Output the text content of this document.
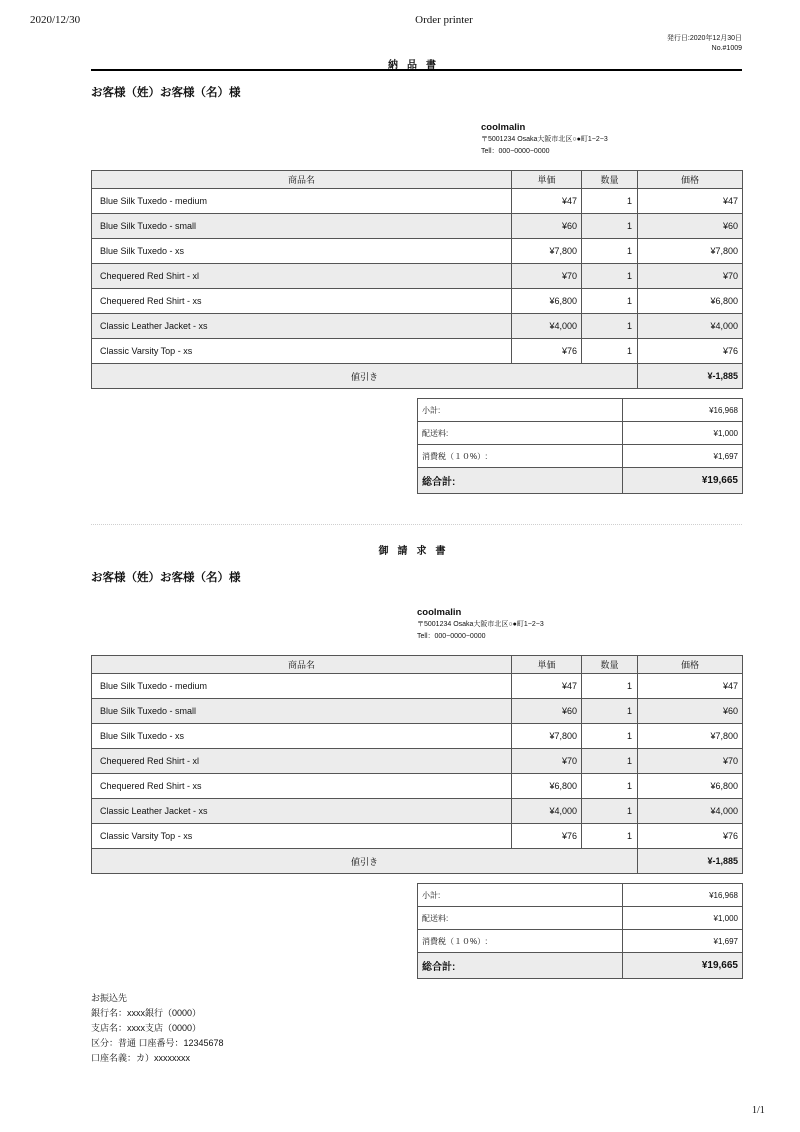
2020/12/30	Order printer
1/1
発行日:2020年12月30日
No.#1009
納品書
お客様（姓）お客様（名）様
coolmalin
〒5001234 Osaka大阪市北区○●町1−2−3
Tell：000−0000−0000
商品名	単価	数量	価格
Blue Silk Tuxedo - medium	¥47	1	¥47
Blue Silk Tuxedo - small	¥60	1	¥60
Blue Silk Tuxedo - xs	¥7,800	1	¥7,800
Chequered Red Shirt - xl	¥70	1	¥70
Chequered Red Shirt - xs	¥6,800	1	¥6,800
Classic Leather Jacket - xs	¥4,000	1	¥4,000
Classic Varsity Top - xs	¥76	1	¥76
値引き			¥-1,885
小計:	¥16,968
配送料:	¥1,000
消費税（１０%）:	¥1,697
総合計:	¥19,665
御請求書
お客様（姓）お客様（名）様
coolmalin
〒5001234 Osaka大阪市北区○●町1−2−3
Tell：000−0000−0000
商品名	単価	数量	価格
Blue Silk Tuxedo - medium	¥47	1	¥47
Blue Silk Tuxedo - small	¥60	1	¥60
Blue Silk Tuxedo - xs	¥7,800	1	¥7,800
Chequered Red Shirt - xl	¥70	1	¥70
Chequered Red Shirt - xs	¥6,800	1	¥6,800
Classic Leather Jacket - xs	¥4,000	1	¥4,000
Classic Varsity Top - xs	¥76	1	¥76
値引き			¥-1,885
小計:	¥16,968
配送料:	¥1,000
消費税（１０%）:	¥1,697
総合計:	¥19,665
お振込先
銀行名：xxxx銀行（0000）
支店名：xxxx支店（0000）
区分：普通 口座番号：12345678
口座名義：カ）xxxxxxxx
